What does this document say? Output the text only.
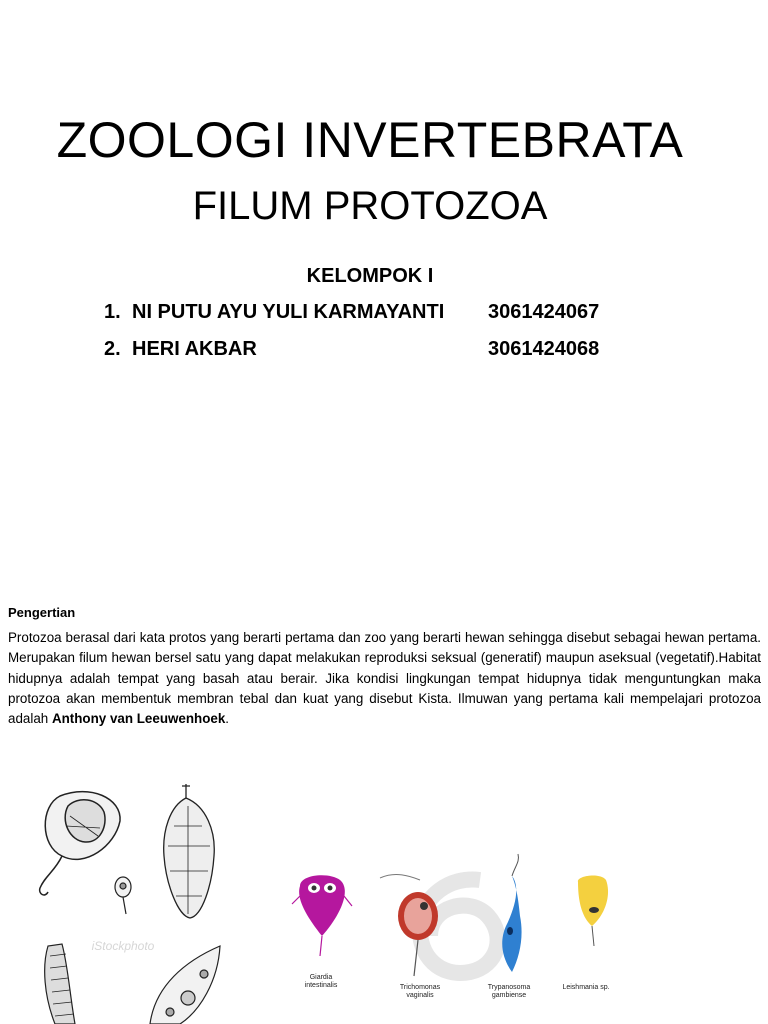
ZOOLOGI INVERTEBRATA
FILUM PROTOZOA
KELOMPOK I
1. NI PUTU AYU YULI KARMAYANTI 3061424067
2. HERI AKBAR	3061424068
Pengertian
Protozoa berasal dari kata protos yang berarti pertama dan zoo yang berarti hewan sehingga disebut sebagai hewan pertama. Merupakan filum hewan bersel satu yang dapat melakukan reproduksi seksual (generatif) maupun aseksual (vegetatif).Habitat hidupnya adalah tempat yang basah atau berair. Jika kondisi lingkungan tempat hidupnya tidak menguntungkan maka protozoa akan membentuk membran tebal dan kuat yang disebut Kista. Ilmuwan yang pertama kali mempelajari protozoa adalah Anthony van Leeuwenhoek.
iStockphoto
Giardia intestinalis	Trichomonas vaginalis
Trypanosoma gambiense
Leishmania sp.
